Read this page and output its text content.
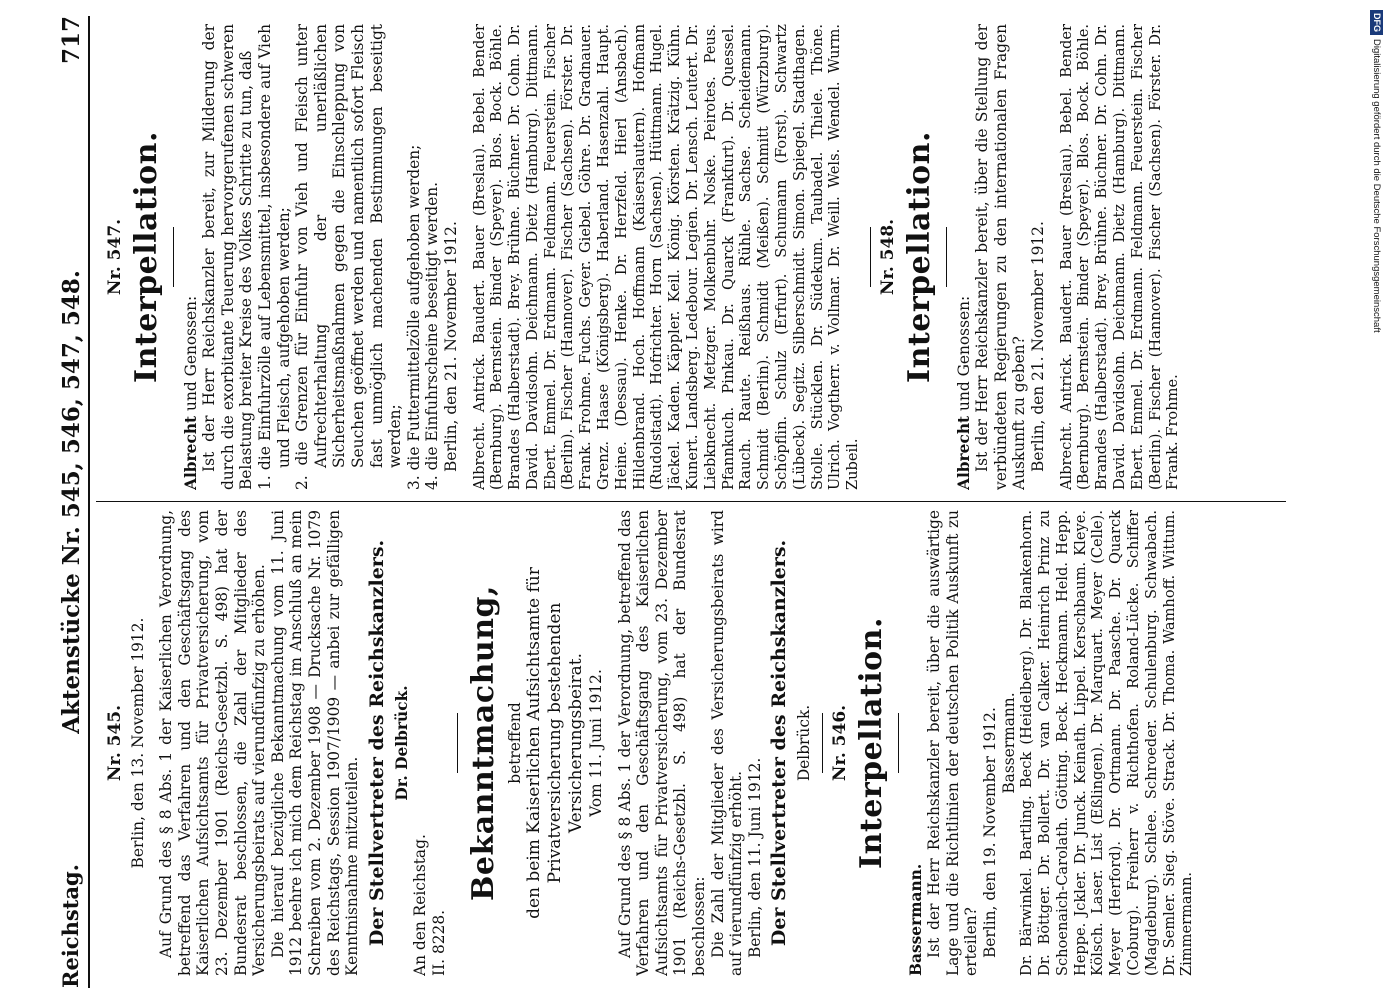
Reichstag.
Aktenstücke Nr. 545, 546, 547, 548.
717
Nr. 545. Berlin, den 13. November 1912. Auf Grund des § 8 Abs. 1 der Kaiserlichen Verordnung, betreffend das Verfahren und den Geschäftsgang des Kaiserlichen Aufsichtsamts für Privatversicherung, vom 23. Dezember 1901 (Reichs-Gesetzbl. S. 498) hat der Bundesrat beschlossen, die Zahl der Mitglieder des Versicherungsbeirats auf vierundfünfzig zu erhöhen. Die hierauf bezügliche Bekanntmachung vom 11. Juni 1912 beehre ich mich dem Reichstag im Anschluß an mein Schreiben vom 2. Dezember 1908 — Drucksache Nr. 1079 des Reichstags, Session 1907/1909 — anbei zur gefälligen Kenntnisnahme mitzuteilen. Der Stellvertreter des Reichskanzlers. Dr. Delbrück.

An den Reichstag. II. 8228.

Bekanntmachung, betreffend den beim Kaiserlichen Aufsichtsamte für Privatversicherung bestehenden Versicherungsbeirat. Vom 11. Juni 1912. Auf Grund des § 8 Abs. 1 der Verordnung, betreffend das Verfahren und den Geschäftsgang des Kaiserlichen Aufsichtsamts für Privatversicherung, vom 23. Dezember 1901 (Reichs-Gesetzbl. S. 498) hat der Bundesrat beschlossen: Die Zahl der Mitglieder des Versicherungsbeirats wird auf vierundfünfzig erhöht. Berlin, den 11. Juni 1912. Der Stellvertreter des Reichskanzlers. Delbrück. Nr. 546. Interpellation.

Bassermann. Ist der Herr Reichskanzler bereit, über die auswärtige Lage und die Richtlinien der deutschen Politik Auskunft zu erteilen? Berlin, den 19. November 1912. Bassermann. Dr. Bärwinkel. Bartling. Beck (Heidelberg). Dr. Blankenhorn. Dr. Böttger. Dr. Bollert. Dr. van Calker. Heinrich Prinz zu Schoenaich-Carolath. Götting. Beck. Heckmann. Held. Hepp. Heppe. Jckler. Dr. Junck. Keinath. Lippel. Kerschbaum. Kleye. Kölsch. Laser. List (Eßlingen). Dr. Marquart. Meyer (Celle). Meyer (Herford). Dr. Ortmann. Dr. Paasche. Dr. Quarck (Coburg). Freiherr v. Richthofen. Roland-Lücke. Schiffer (Magdeburg). Schlee. Schroeder. Schulenburg. Schwabach. Dr. Semler. Sieg. Stöve. Strack. Dr. Thoma. Wamhoff. Wittum. Zimmermann.

Nr. 547. Interpellation.

Albrecht und Genossen: Ist der Herr Reichskanzler bereit, zur Milderung der durch die exorbitante Teuerung hervorgerufenen schweren Belastung breiter Kreise des Volkes Schritte zu tun, daß 1. die Einfuhrzölle auf Lebensmittel, insbesondere auf Vieh und Fleisch, aufgehoben werden; 2. die Grenzen für Einfuhr von Vieh und Fleisch unter Aufrechterhaltung der unerläßlichen Sicherheitsmaßnahmen gegen die Einschleppung von Seuchen geöffnet werden und namentlich sofort Fleisch fast unmöglich machenden Bestimmungen beseitigt werden; 3. die Futtermittelzölle aufgehoben werden; 4. die Einfuhrscheine beseitigt werden. Berlin, den 21. November 1912. Albrecht. Antrick. Baudert. Bauer (Breslau). Bebel. Bender (Bernburg). Bernstein. Binder (Speyer). Blos. Bock. Böhle. Brandes (Halberstadt). Brey. Brühne. Büchner. Dr. Cohn. Dr. David. Davidsohn. Deichmann. Dietz (Hamburg). Dittmann. Ebert. Emmel. Dr. Erdmann. Feldmann. Feuerstein. Fischer (Berlin). Fischer (Hannover). Fischer (Sachsen). Förster. Dr. Frank. Frohme. Fuchs. Geyer. Giebel. Göhre. Dr. Gradnauer. Grenz. Haase (Königsberg). Haberland. Hasenzahl. Haupt. Heine. (Dessau). Henke. Dr. Herzfeld. Hierl (Ansbach). Hildenbrand. Hoch. Hoffmann (Kaiserslautern). Hofmann (Rudolstadt). Hofrichter. Horn (Sachsen). Hüttmann. Hugel. Jäckel. Kaden. Käppler. Keil. König. Körsten. Krätzig. Kühn. Kunert. Landsberg. Ledebour. Legien. Dr. Lensch. Leutert. Dr. Liebknecht. Metzger. Molkenbuhr. Noske. Peirotes. Peus. Pfannkuch. Pinkau. Dr. Quarck (Frankfurt). Dr. Quessel. Rauch. Raute. Reißhaus. Rühle. Sachse. Scheidemann. Schmidt (Berlin). Schmidt (Meißen). Schmitt (Würzburg). Schöpflin. Schulz (Erfurt). Schumann (Forst). Schwartz (Lübeck). Segitz. Silberschmidt. Simon. Spiegel. Stadthagen. Stolle. Stücklen. Dr. Südekum. Taubadel. Thiele. Thöne. Ulrich. Vogtherr. v. Vollmar. Dr. Weill. Wels. Wendel. Wurm. Zubeil.

Nr. 548. Interpellation.

Albrecht und Genossen: Ist der Herr Reichskanzler bereit, über die Stellung der verbündeten Regierungen zu den internationalen Fragen Auskunft zu geben? Berlin, den 21. November 1912. Albrecht. Antrick. Baudert. Bauer (Breslau). Bebel. Bender (Bernburg). Bernstein. Binder (Speyer). Blos. Bock. Böhle. Brandes (Halberstadt). Brey. Brühne. Büchner. Dr. Cohn. Dr. David. Davidsohn. Deichmann. Dietz (Hamburg). Dittmann. Ebert. Emmel. Dr. Erdmann. Feldmann. Feuerstein. Fischer (Berlin). Fischer (Hannover). Fischer (Sachsen). Förster. Dr. Frank. Frohme.

DFGDigitalisierung gefördert durch die Deutsche Forschungsgemeinschaft
